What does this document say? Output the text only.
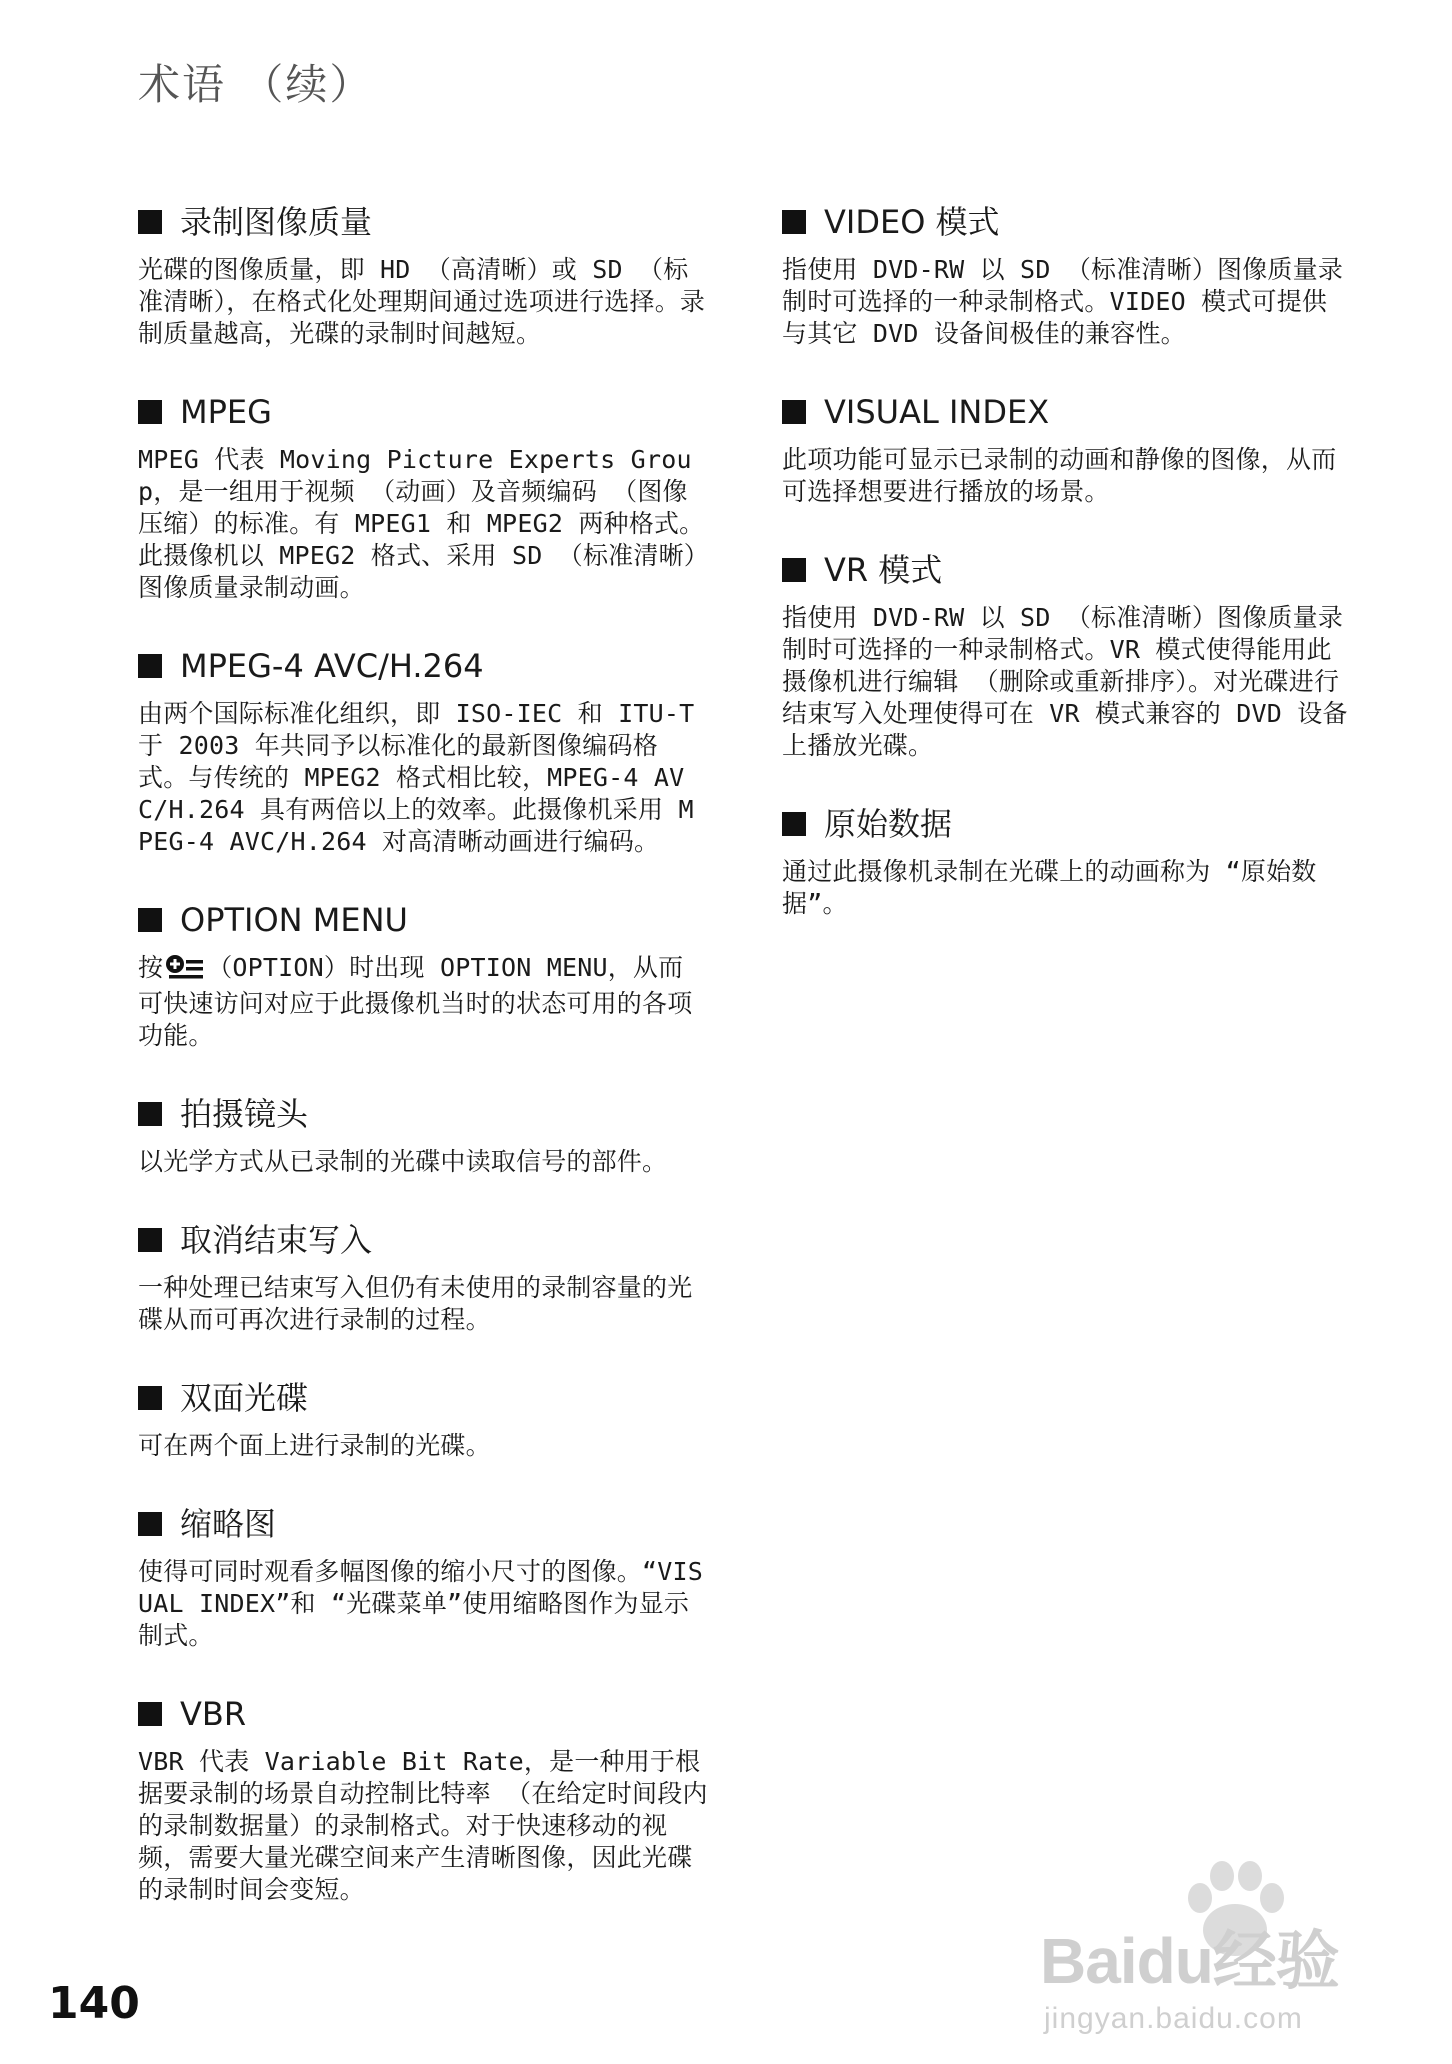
术语 （续）
录制图像质量

光碟的图像质量，即 HD （高清晰）或 SD （标准清晰），在格式化处理期间通过选项进行选择。录制质量越高，光碟的录制时间越短。

MPEG

MPEG 代表 Moving Picture Experts Group，是一组用于视频 （动画）及音频编码 （图像压缩）的标准。有 MPEG1 和 MPEG2 两种格式。此摄像机以 MPEG2 格式、采用 SD （标准清晰）图像质量录制动画。

MPEG-4 AVC/H.264

由两个国际标准化组织，即 ISO-IEC 和 ITU-T 于 2003 年共同予以标准化的最新图像编码格式。与传统的 MPEG2 格式相比较，MPEG-4 AVC/H.264 具有两倍以上的效率。此摄像机采用 MPEG-4 AVC/H.264 对高清晰动画进行编码。

OPTION MENU

按 （OPTION）时出现 OPTION MENU，从而可快速访问对应于此摄像机当时的状态可用的各项功能。

拍摄镜头

以光学方式从已录制的光碟中读取信号的部件。

取消结束写入

一种处理已结束写入但仍有未使用的录制容量的光碟从而可再次进行录制的过程。

双面光碟

可在两个面上进行录制的光碟。

缩略图

使得可同时观看多幅图像的缩小尺寸的图像。“VISUAL INDEX”和 “光碟菜单”使用缩略图作为显示制式。

VBR

VBR 代表 Variable Bit Rate，是一种用于根据要录制的场景自动控制比特率 （在给定时间段内的录制数据量）的录制格式。对于快速移动的视频，需要大量光碟空间来产生清晰图像，因此光碟的录制时间会变短。

VIDEO 模式

指使用 DVD-RW 以 SD （标准清晰）图像质量录制时可选择的一种录制格式。VIDEO 模式可提供与其它 DVD 设备间极佳的兼容性。

VISUAL INDEX

此项功能可显示已录制的动画和静像的图像，从而可选择想要进行播放的场景。

VR 模式

指使用 DVD-RW 以 SD （标准清晰）图像质量录制时可选择的一种录制格式。VR 模式使得能用此摄像机进行编辑 （删除或重新排序）。对光碟进行结束写入处理使得可在 VR 模式兼容的 DVD 设备上播放光碟。

原始数据

通过此摄像机录制在光碟上的动画称为 “原始数据”。

140
Baidu经验
jingyan.baidu.com
